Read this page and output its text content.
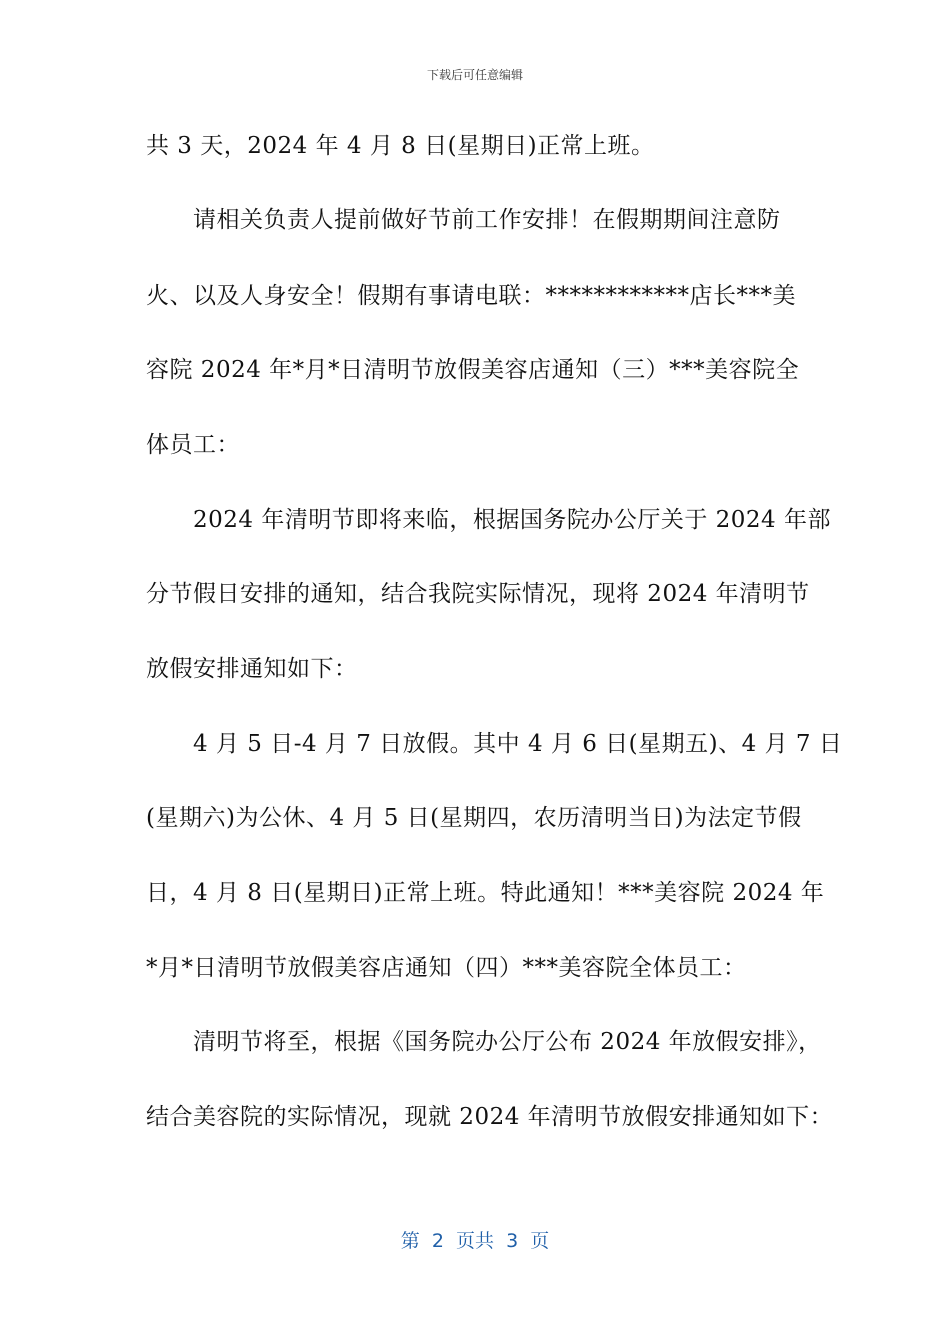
下载后可任意编辑
共 3 天，2024 年 4 月 8 日(星期日)正常上班。
请相关负责人提前做好节前工作安排！在假期期间注意防
火、以及人身安全！假期有事请电联：************店长***美
容院 2024 年*月*日清明节放假美容店通知（三）***美容院全
体员工：
2024 年清明节即将来临，根据国务院办公厅关于 2024 年部
分节假日安排的通知，结合我院实际情况，现将 2024 年清明节
放假安排通知如下：
4 月 5 日-4 月 7 日放假。其中 4 月 6 日(星期五)、4 月 7 日
(星期六)为公休、4 月 5 日(星期四，农历清明当日)为法定节假
日，4 月 8 日(星期日)正常上班。特此通知！***美容院 2024 年
*月*日清明节放假美容店通知（四）***美容院全体员工：
清明节将至，根据《国务院办公厅公布 2024 年放假安排》，
结合美容院的实际情况，现就 2024 年清明节放假安排通知如下：
第  2  页共  3  页
